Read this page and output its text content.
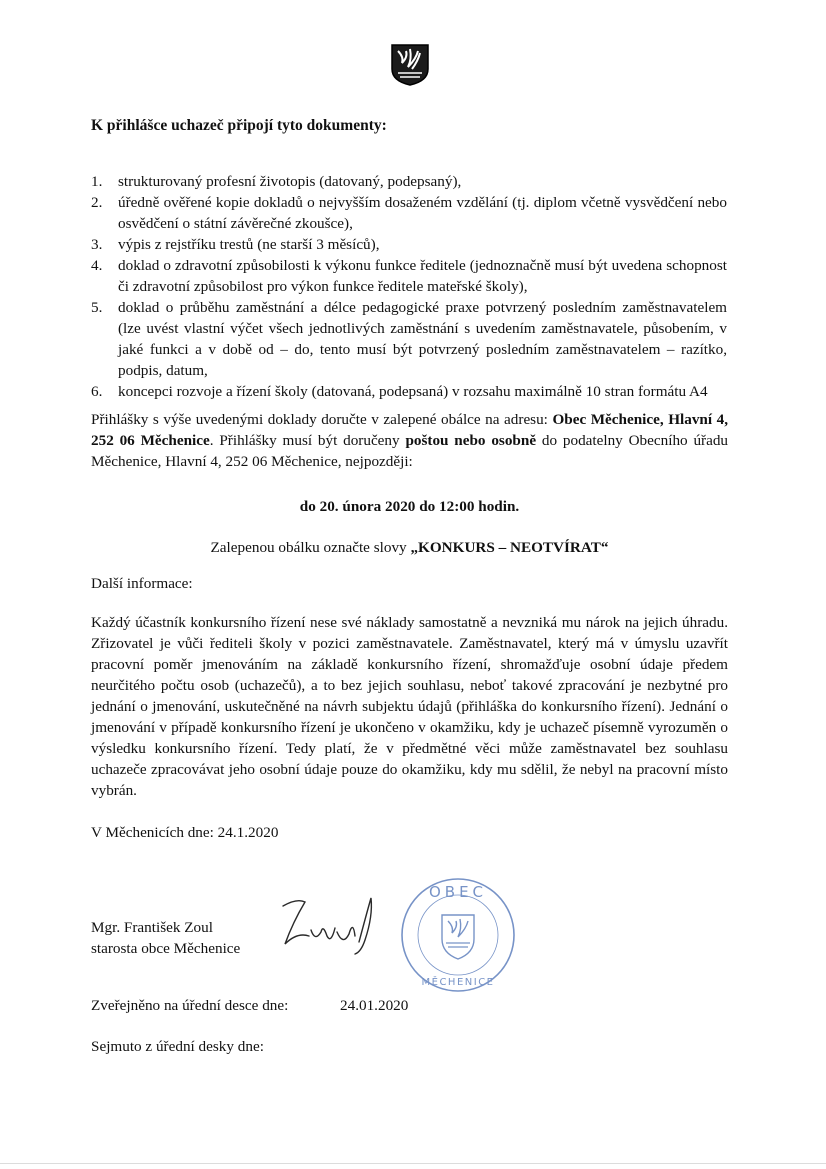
K přihlášce uchazeč připojí tyto dokumenty:
1.	strukturovaný profesní životopis (datovaný, podepsaný),
2.	úředně ověřené kopie dokladů o nejvyšším dosaženém vzdělání (tj. diplom včetně vysvědčení nebo osvědčení o státní závěrečné zkoušce),
3.	výpis z rejstříku trestů (ne starší 3 měsíců),
4.	doklad o zdravotní způsobilosti k výkonu funkce ředitele (jednoznačně musí být uvedena schopnost či zdravotní způsobilost pro výkon funkce ředitele mateřské školy),
5.	doklad o průběhu zaměstnání a délce pedagogické praxe potvrzený posledním zaměstnavatelem (lze uvést vlastní výčet všech jednotlivých zaměstnání s uvedením zaměstnavatele, působením, v jaké funkci a v době od – do, tento musí být potvrzený posledním zaměstnavatelem – razítko, podpis, datum,
6.	koncepci rozvoje a řízení školy (datovaná, podepsaná) v rozsahu maximálně 10 stran formátu A4
Přihlášky s výše uvedenými doklady doručte v zalepené obálce na adresu: Obec Měchenice, Hlavní 4, 252 06 Měchenice. Přihlášky musí být doručeny poštou nebo osobně do podatelny Obecního úřadu Měchenice, Hlavní 4, 252 06 Měchenice, nejpozději:
do 20. února 2020 do 12:00 hodin.
Zalepenou obálku označte slovy „KONKURS – NEOTVÍRAT“
Další informace:
Každý účastník konkursního řízení nese své náklady samostatně a nevzniká mu nárok na jejich úhradu. Zřizovatel je vůči řediteli školy v pozici zaměstnavatele. Zaměstnavatel, který má v úmyslu uzavřít pracovní poměr jmenováním na základě konkursního řízení, shromažďuje osobní údaje předem neurčitého počtu osob (uchazečů), a to bez jejich souhlasu, neboť takové zpracování je nezbytné pro jednání o jmenování, uskutečněné na návrh subjektu údajů (přihláška do konkursního řízení). Jednání o jmenování v případě konkursního řízení je ukončeno v okamžiku, kdy je uchazeč písemně vyrozuměn o výsledku konkursního řízení. Tedy platí, že v předmětné věci může zaměstnavatel bez souhlasu uchazeče zpracovávat jeho osobní údaje pouze do okamžiku, kdy mu sdělil, že nebyl na pracovní místo vybrán.
V Měchenicích dne: 24.1.2020
Mgr. František Zoul
starosta obce Měchenice
OBEC
MĚCHENICE
Zveřejněno na úřední desce dne:	24.01.2020
Sejmuto z úřední desky dne:
